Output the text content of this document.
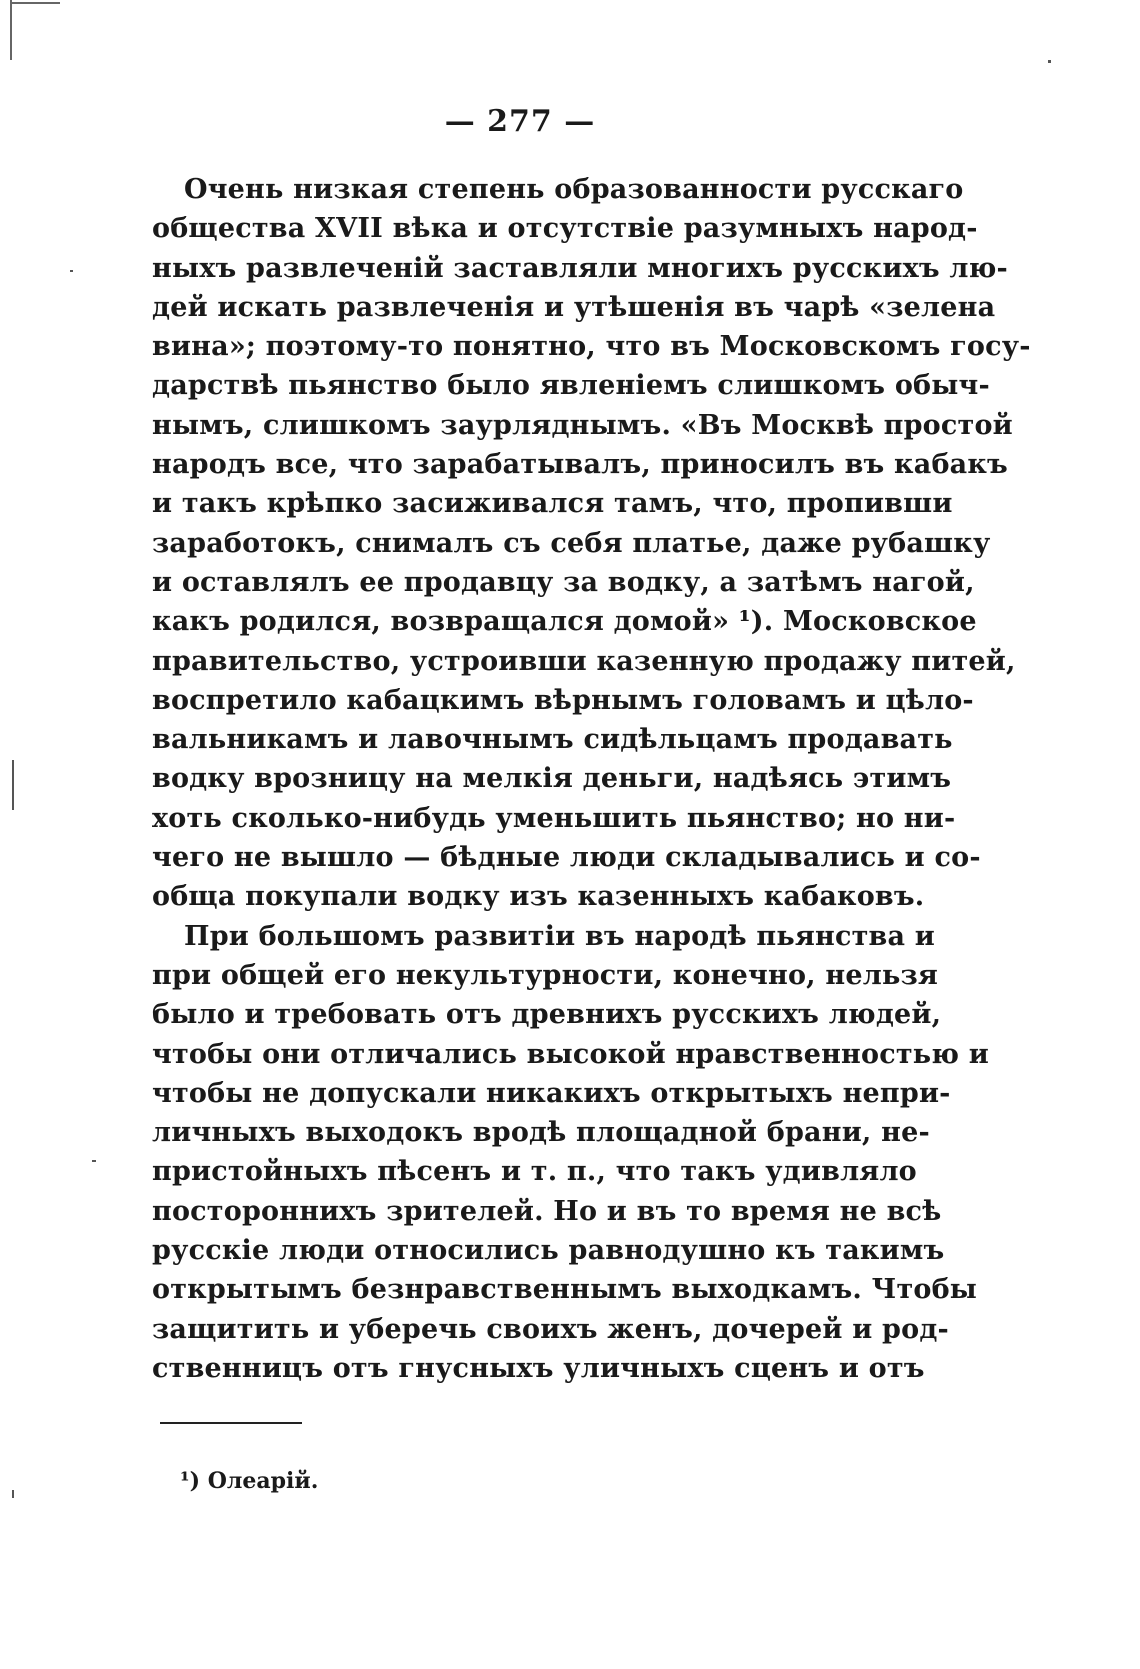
— 277 —
Очень низкая степень образованности русскаго
общества XVII вѣка и отсутствіе разумныхъ народ-
ныхъ развлеченій заставляли многихъ русскихъ лю-
дей искать развлеченія и утѣшенія въ чарѣ «зелена
вина»; поэтому-то понятно, что въ Московскомъ госу-
дарствѣ пьянство было явленіемъ слишкомъ обыч-
нымъ, слишкомъ заурляднымъ. «Въ Москвѣ простой
народъ все, что зарабатывалъ, приносилъ въ кабакъ
и такъ крѣпко засиживался тамъ, что, пропивши
заработокъ, снималъ съ себя платье, даже рубашку
и оставлялъ ее продавцу за водку, а затѣмъ нагой,
какъ родился, возвращался домой» ¹). Московское
правительство, устроивши казенную продажу питей,
воспретило кабацкимъ вѣрнымъ головамъ и цѣло-
вальникамъ и лавочнымъ сидѣльцамъ продавать
водку врозницу на мелкія деньги, надѣясь этимъ
хоть сколько-нибудь уменьшить пьянство; но ни-
чего не вышло — бѣдные люди складывались и со-
обща покупали водку изъ казенныхъ кабаковъ.
При большомъ развитіи въ народѣ пьянства и
при общей его некультурности, конечно, нельзя
было и требовать отъ древнихъ русскихъ людей,
чтобы они отличались высокой нравственностью и
чтобы не допускали никакихъ открытыхъ непри-
личныхъ выходокъ вродѣ площадной брани, не-
пристойныхъ пѣсенъ и т. п., что такъ удивляло
постороннихъ зрителей. Но и въ то время не всѣ
русскіе люди относились равнодушно къ такимъ
открытымъ безнравственнымъ выходкамъ. Чтобы
защитить и уберечь своихъ женъ, дочерей и род-
ственницъ отъ гнусныхъ уличныхъ сценъ и отъ
¹) Олеарій.
